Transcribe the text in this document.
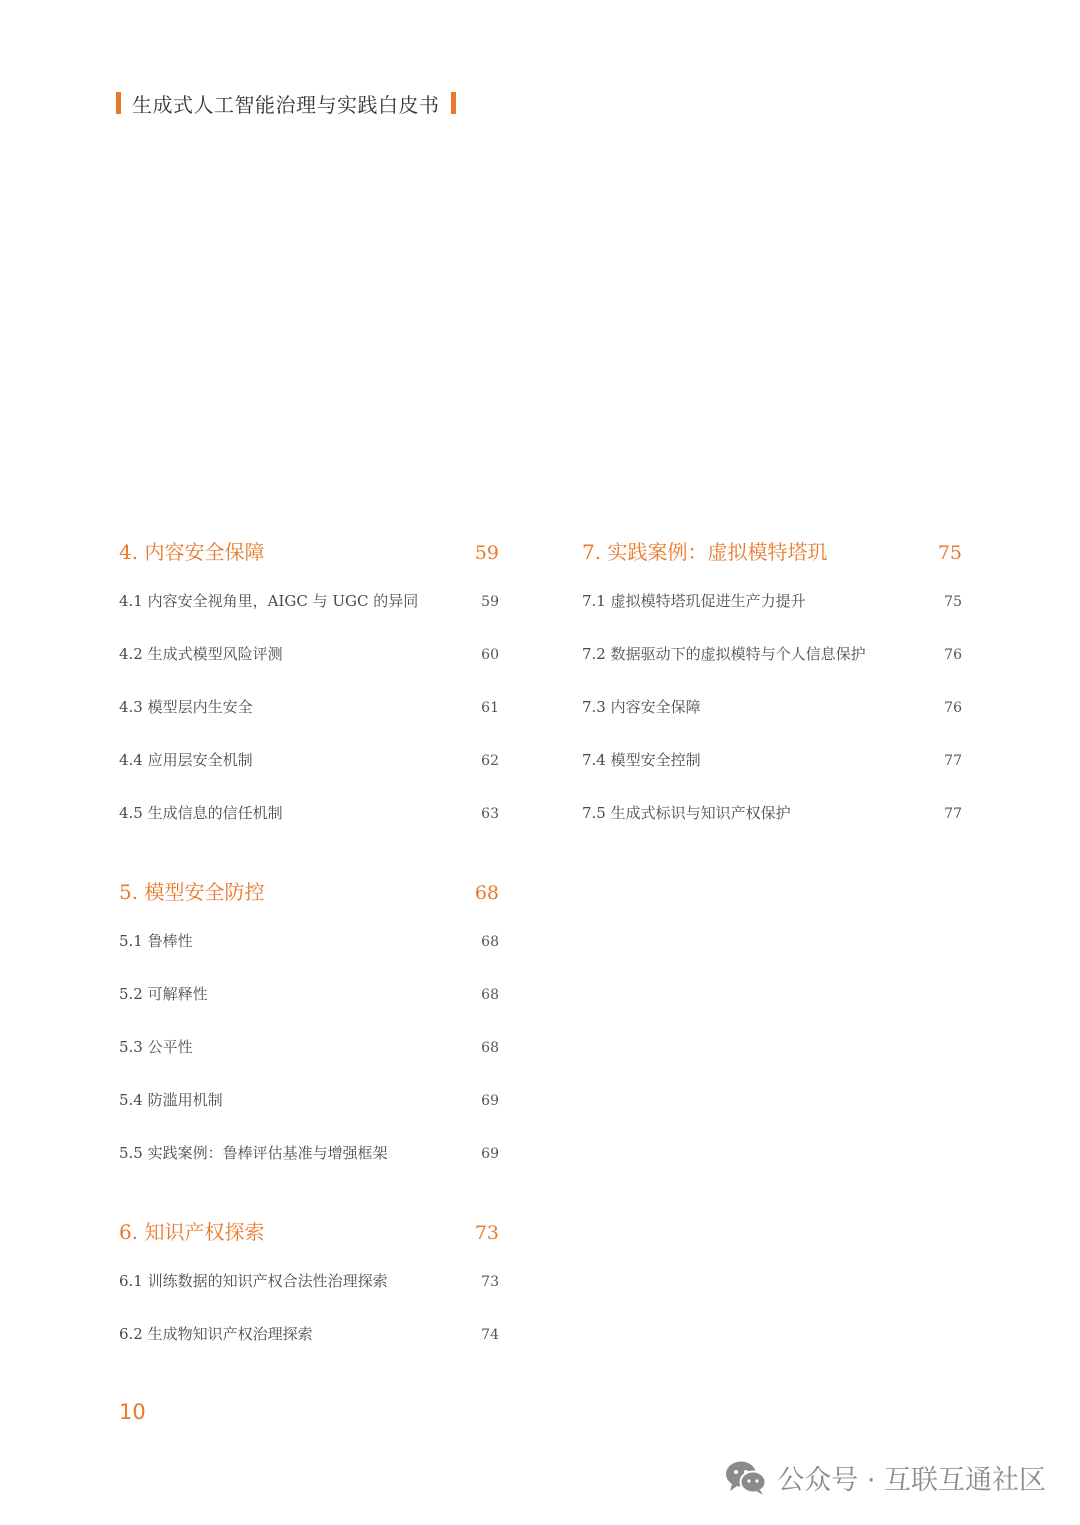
生成式人工智能治理与实践白皮书
4. 内容安全保障	59
4.1 内容安全视角里，AIGC 与 UGC 的异同	59
4.2 生成式模型风险评测	60
4.3 模型层内生安全	61
4.4 应用层安全机制	62
4.5 生成信息的信任机制	63
5. 模型安全防控	68
5.1 鲁棒性	68
5.2 可解释性	68
5.3 公平性	68
5.4 防滥用机制	69
5.5 实践案例：鲁棒评估基准与增强框架	69
6. 知识产权探索	73
6.1 训练数据的知识产权合法性治理探索	73
6.2 生成物知识产权治理探索	74
7. 实践案例：虚拟模特塔玑	75
7.1 虚拟模特塔玑促进生产力提升	75
7.2 数据驱动下的虚拟模特与个人信息保护	76
7.3 内容安全保障	76
7.4 模型安全控制	77
7.5 生成式标识与知识产权保护	77
10
公众号 · 互联互通社区
